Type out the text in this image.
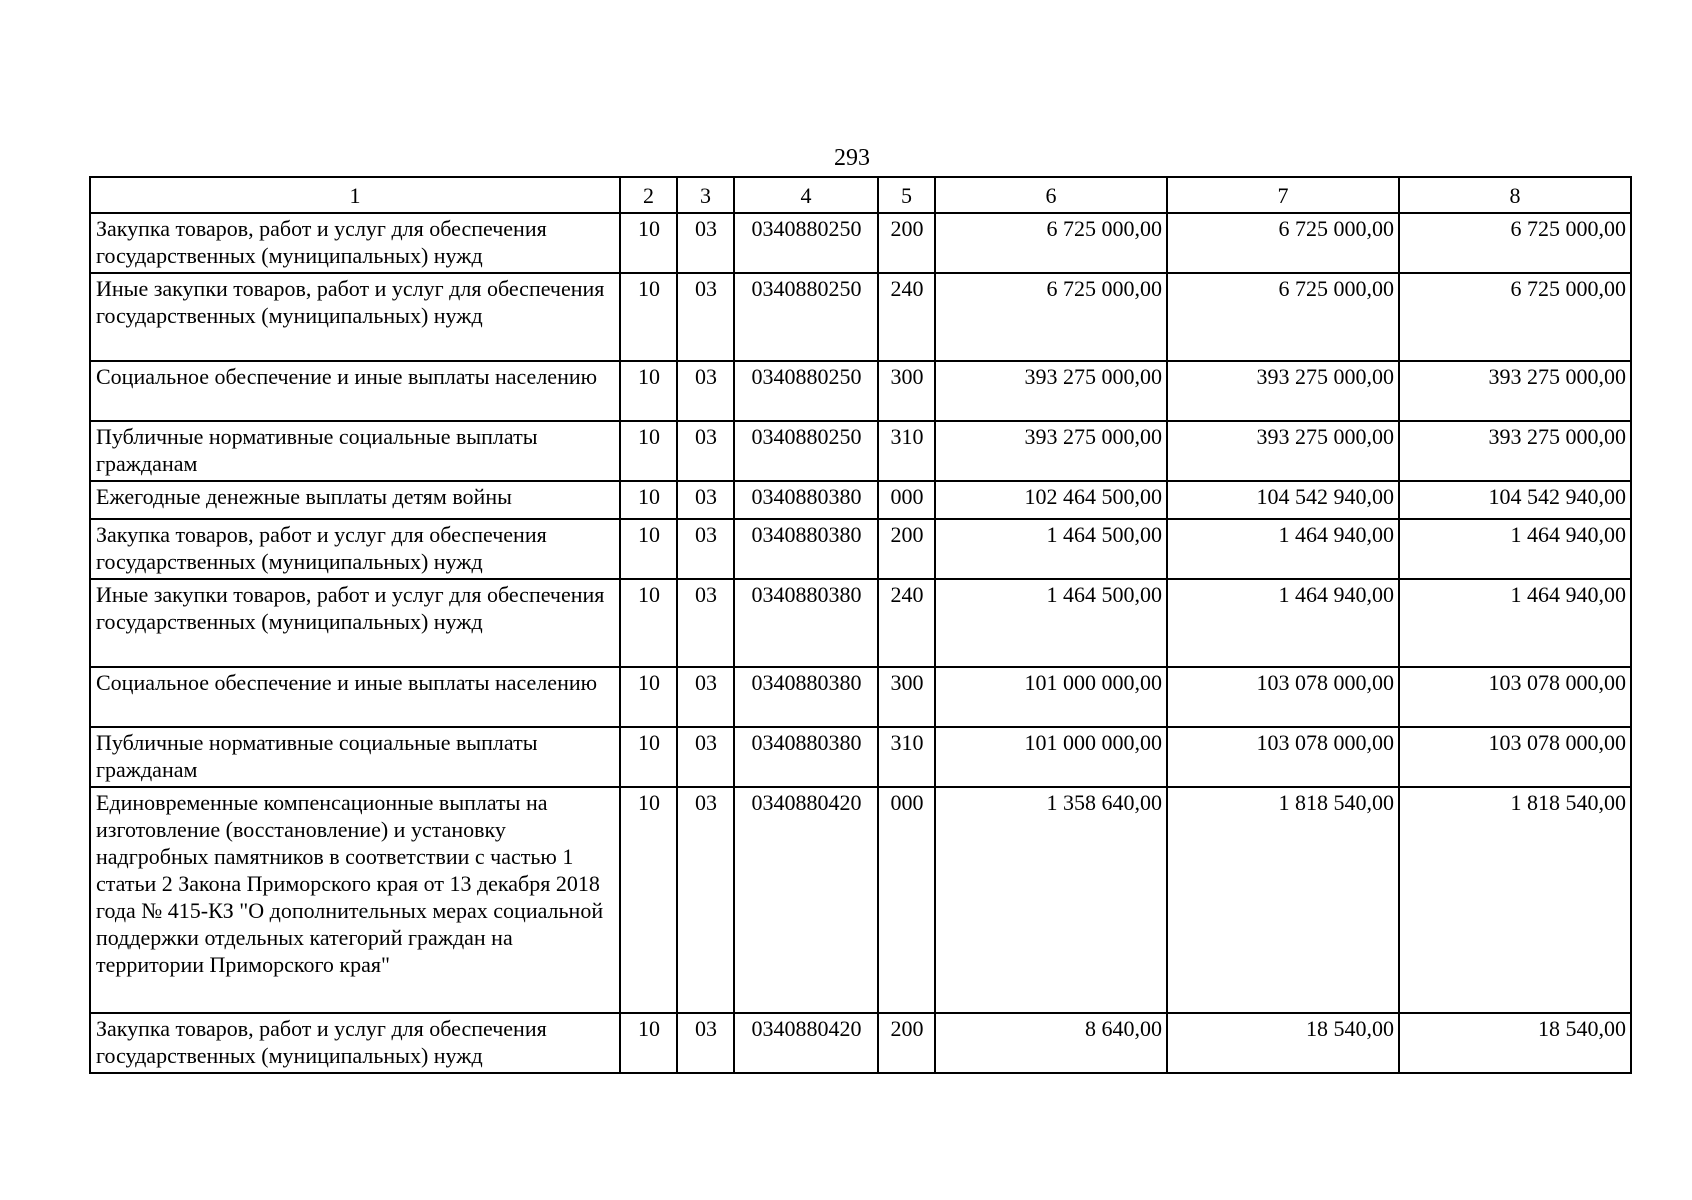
293
1	2	3	4	5	6	7	8
Закупка товаров, работ и услуг для обеспечения государственных (муниципальных) нужд	10	03	0340880250	200	6 725 000,00	6 725 000,00	6 725 000,00
Иные закупки товаров, работ и услуг для обеспечения государственных (муниципальных) нужд	10	03	0340880250	240	6 725 000,00	6 725 000,00	6 725 000,00
Социальное обеспечение и иные выплаты населению	10	03	0340880250	300	393 275 000,00	393 275 000,00	393 275 000,00
Публичные нормативные социальные выплаты гражданам	10	03	0340880250	310	393 275 000,00	393 275 000,00	393 275 000,00
Ежегодные денежные выплаты детям войны	10	03	0340880380	000	102 464 500,00	104 542 940,00	104 542 940,00
Закупка товаров, работ и услуг для обеспечения государственных (муниципальных) нужд	10	03	0340880380	200	1 464 500,00	1 464 940,00	1 464 940,00
Иные закупки товаров, работ и услуг для обеспечения государственных (муниципальных) нужд	10	03	0340880380	240	1 464 500,00	1 464 940,00	1 464 940,00
Социальное обеспечение и иные выплаты населению	10	03	0340880380	300	101 000 000,00	103 078 000,00	103 078 000,00
Публичные нормативные социальные выплаты гражданам	10	03	0340880380	310	101 000 000,00	103 078 000,00	103 078 000,00
Единовременные компенсационные выплаты на изготовление (восстановление) и установку надгробных памятников в соответствии с частью 1 статьи 2 Закона Приморского края от 13 декабря 2018 года № 415-КЗ "О дополнительных мерах социальной поддержки отдельных категорий граждан на территории Приморского края"	10	03	0340880420	000	1 358 640,00	1 818 540,00	1 818 540,00
Закупка товаров, работ и услуг для обеспечения государственных (муниципальных) нужд	10	03	0340880420	200	8 640,00	18 540,00	18 540,00
